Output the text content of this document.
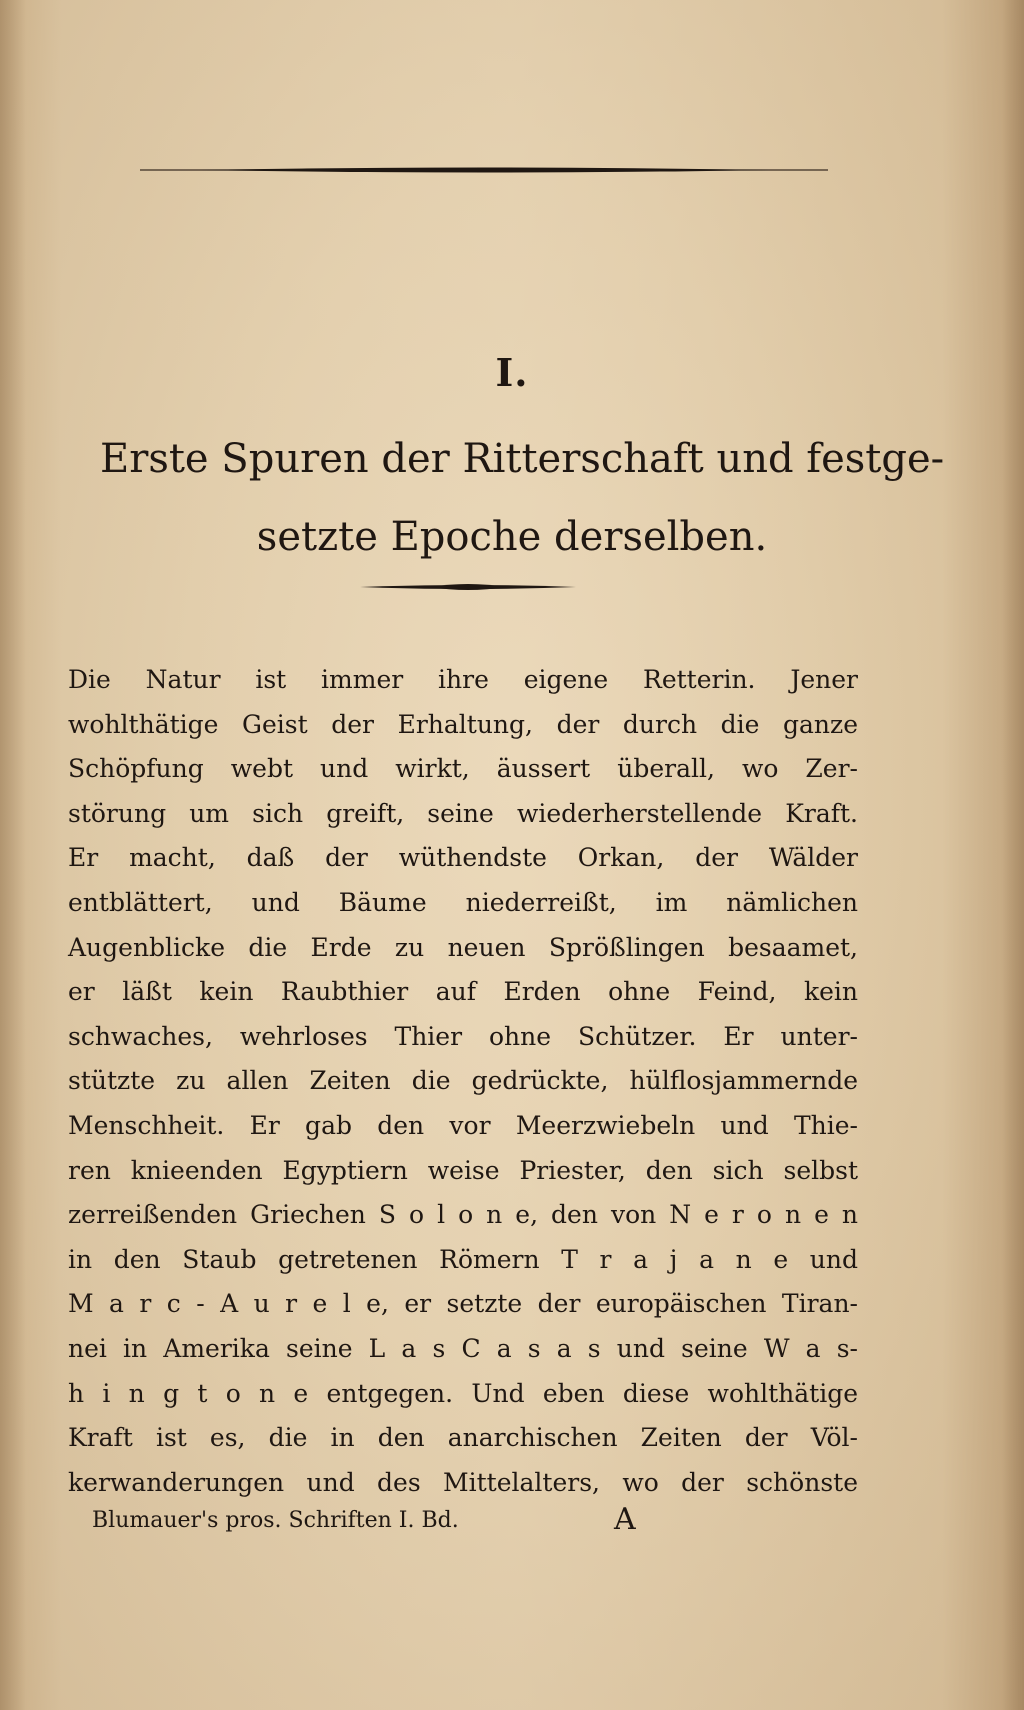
I.
Erste Spuren der Ritterschaft und festge-
setzte Epoche derselben.
Die Natur ist immer ihre eigene Retterin. Jener
wohlthätige Geist der Erhaltung, der durch die ganze
Schöpfung webt und wirkt, äussert überall, wo Zer-
störung um sich greift, seine wiederherstellende Kraft.
Er macht, daß der wüthendste Orkan, der Wälder
entblättert, und Bäume niederreißt, im nämlichen
Augenblicke die Erde zu neuen Sprößlingen besaamet,
er läßt kein Raubthier auf Erden ohne Feind, kein
schwaches, wehrloses Thier ohne Schützer. Er unter-
stützte zu allen Zeiten die gedrückte, hülflosjammernde
Menschheit. Er gab den vor Meerzwiebeln und Thie-
ren knieenden Egyptiern weise Priester, den sich selbst
zerreißenden Griechen S o l o n e, den von N e r o n e n
in den Staub getretenen Römern T r a j a n e und
M a r c - A u r e l e, er setzte der europäischen Tiran-
nei in Amerika seine L a s C a s a s und seine W a s-
h i n g t o n e entgegen. Und eben diese wohlthätige
Kraft ist es, die in den anarchischen Zeiten der Völ-
kerwanderungen und des Mittelalters, wo der schönste
Blumauer's pros. Schriften I. Bd.	A
